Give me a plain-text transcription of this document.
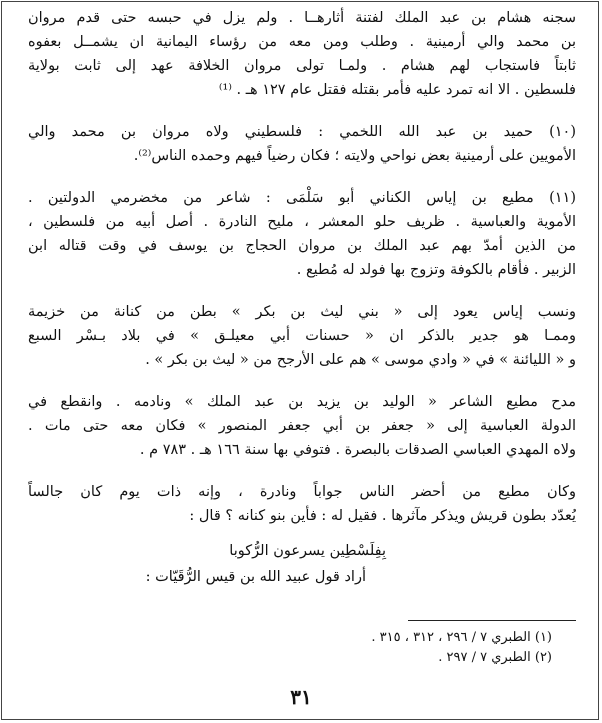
سجنه هشام بن عبد الملك لفتنة أثارهــا . ولم يزل في حبسه حتى قدم مروان
بن محمد والي أرمينية . وطلب ومن معه من رؤساء اليمانية ان يشمــل بعفوه
ثابتاً فاستجاب لهم هشام . ولمـا تولى مروان الخلافة عهد إلى ثابت بولاية
فلسطين . الا انه تمرد عليه فأمر بقتله فقتل عام ١٢٧ هـ . ⁽¹⁾
(١٠) حميد بن عبد الله اللخمي : فلسطيني ولاه مروان بن محمد والي
الأمويين على أرمينية بعض نواحي ولايته ؛ فكان رضياً فيهم وحمده الناس⁽²⁾.
(١١) مطيع بن إياس الكناني أبو سَلْمَى : شاعر من مخضرمي الدولتين .
الأموية والعباسية . ظريف حلو المعشر ، مليح النادرة . أصل أبيه من فلسطين ،
من الذين أمدّ بهم عبد الملك بن مروان الحجاج بن يوسف في وقت قتاله ابن
الزبير . فأقام بالكوفة وتزوج بها فولد له مُطيع .
ونسب إياس يعود إلى « بني ليث بن بكر » بطن من كنانة من خزيمة
وممـا هو جدير بالذكر ان « حسنات أبي معيلـق » في بلاد بـسْر السبع
و « الليائنة » في « وادي موسى » هم على الأرجح من « ليث بن بكر » .
مدح مطيع الشاعر « الوليد بن يزيد بن عبد الملك » ونادمه . وانقطع في
الدولة العباسية إلى « جعفر بن أبي جعفر المنصور » فكان معه حتى مات .
ولاه المهدي العباسي الصدقات بالبصرة . فتوفي بها سنة ١٦٦ هـ . ٧٨٣ م .
وكان مطيع من أحضر الناس جواباً ونادرة ، وإنه ذات يوم كان جالساً
يُعدّد بطون قريش ويذكر مآثرها . فقيل له : فأين بنو كنانه ؟ قال :
بِفِلَسْطِين يسرعون الرُّكوبا
أراد قول عبيد الله بن قيس الرُّقَيّات :
(١) الطبري ٧ / ٢٩٦ ، ٣١٢ ، ٣١٥ .
(٢) الطبري ٧ / ٢٩٧ .
٣١
